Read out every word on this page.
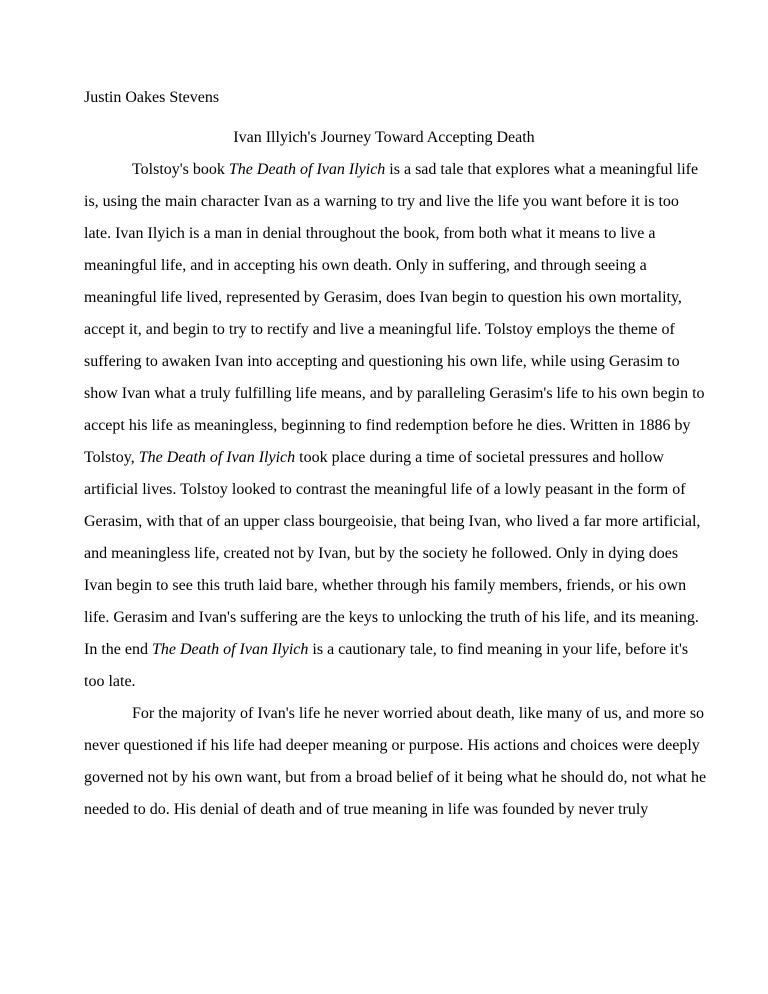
Justin Oakes Stevens
Ivan Illyich's Journey Toward Accepting Death
Tolstoy's book The Death of Ivan Ilyich is a sad tale that explores what a meaningful life
is, using the main character Ivan as a warning to try and live the life you want before it is too
late. Ivan Ilyich is a man in denial throughout the book, from both what it means to live a
meaningful life, and in accepting his own death. Only in suffering, and through seeing a
meaningful life lived, represented by Gerasim, does Ivan begin to question his own mortality,
accept it, and begin to try to rectify and live a meaningful life. Tolstoy employs the theme of
suffering to awaken Ivan into accepting and questioning his own life, while using Gerasim to
show Ivan what a truly fulfilling life means, and by paralleling Gerasim's life to his own begin to
accept his life as meaningless, beginning to find redemption before he dies. Written in 1886 by
Tolstoy, The Death of Ivan Ilyich took place during a time of societal pressures and hollow
artificial lives. Tolstoy looked to contrast the meaningful life of a lowly peasant in the form of
Gerasim, with that of an upper class bourgeoisie, that being Ivan, who lived a far more artificial,
and meaningless life, created not by Ivan, but by the society he followed. Only in dying does
Ivan begin to see this truth laid bare, whether through his family members, friends, or his own
life. Gerasim and Ivan's suffering are the keys to unlocking the truth of his life, and its meaning.
In the end The Death of Ivan Ilyich is a cautionary tale, to find meaning in your life, before it's
too late.
For the majority of Ivan's life he never worried about death, like many of us, and more so
never questioned if his life had deeper meaning or purpose. His actions and choices were deeply
governed not by his own want, but from a broad belief of it being what he should do, not what he
needed to do. His denial of death and of true meaning in life was founded by never truly
